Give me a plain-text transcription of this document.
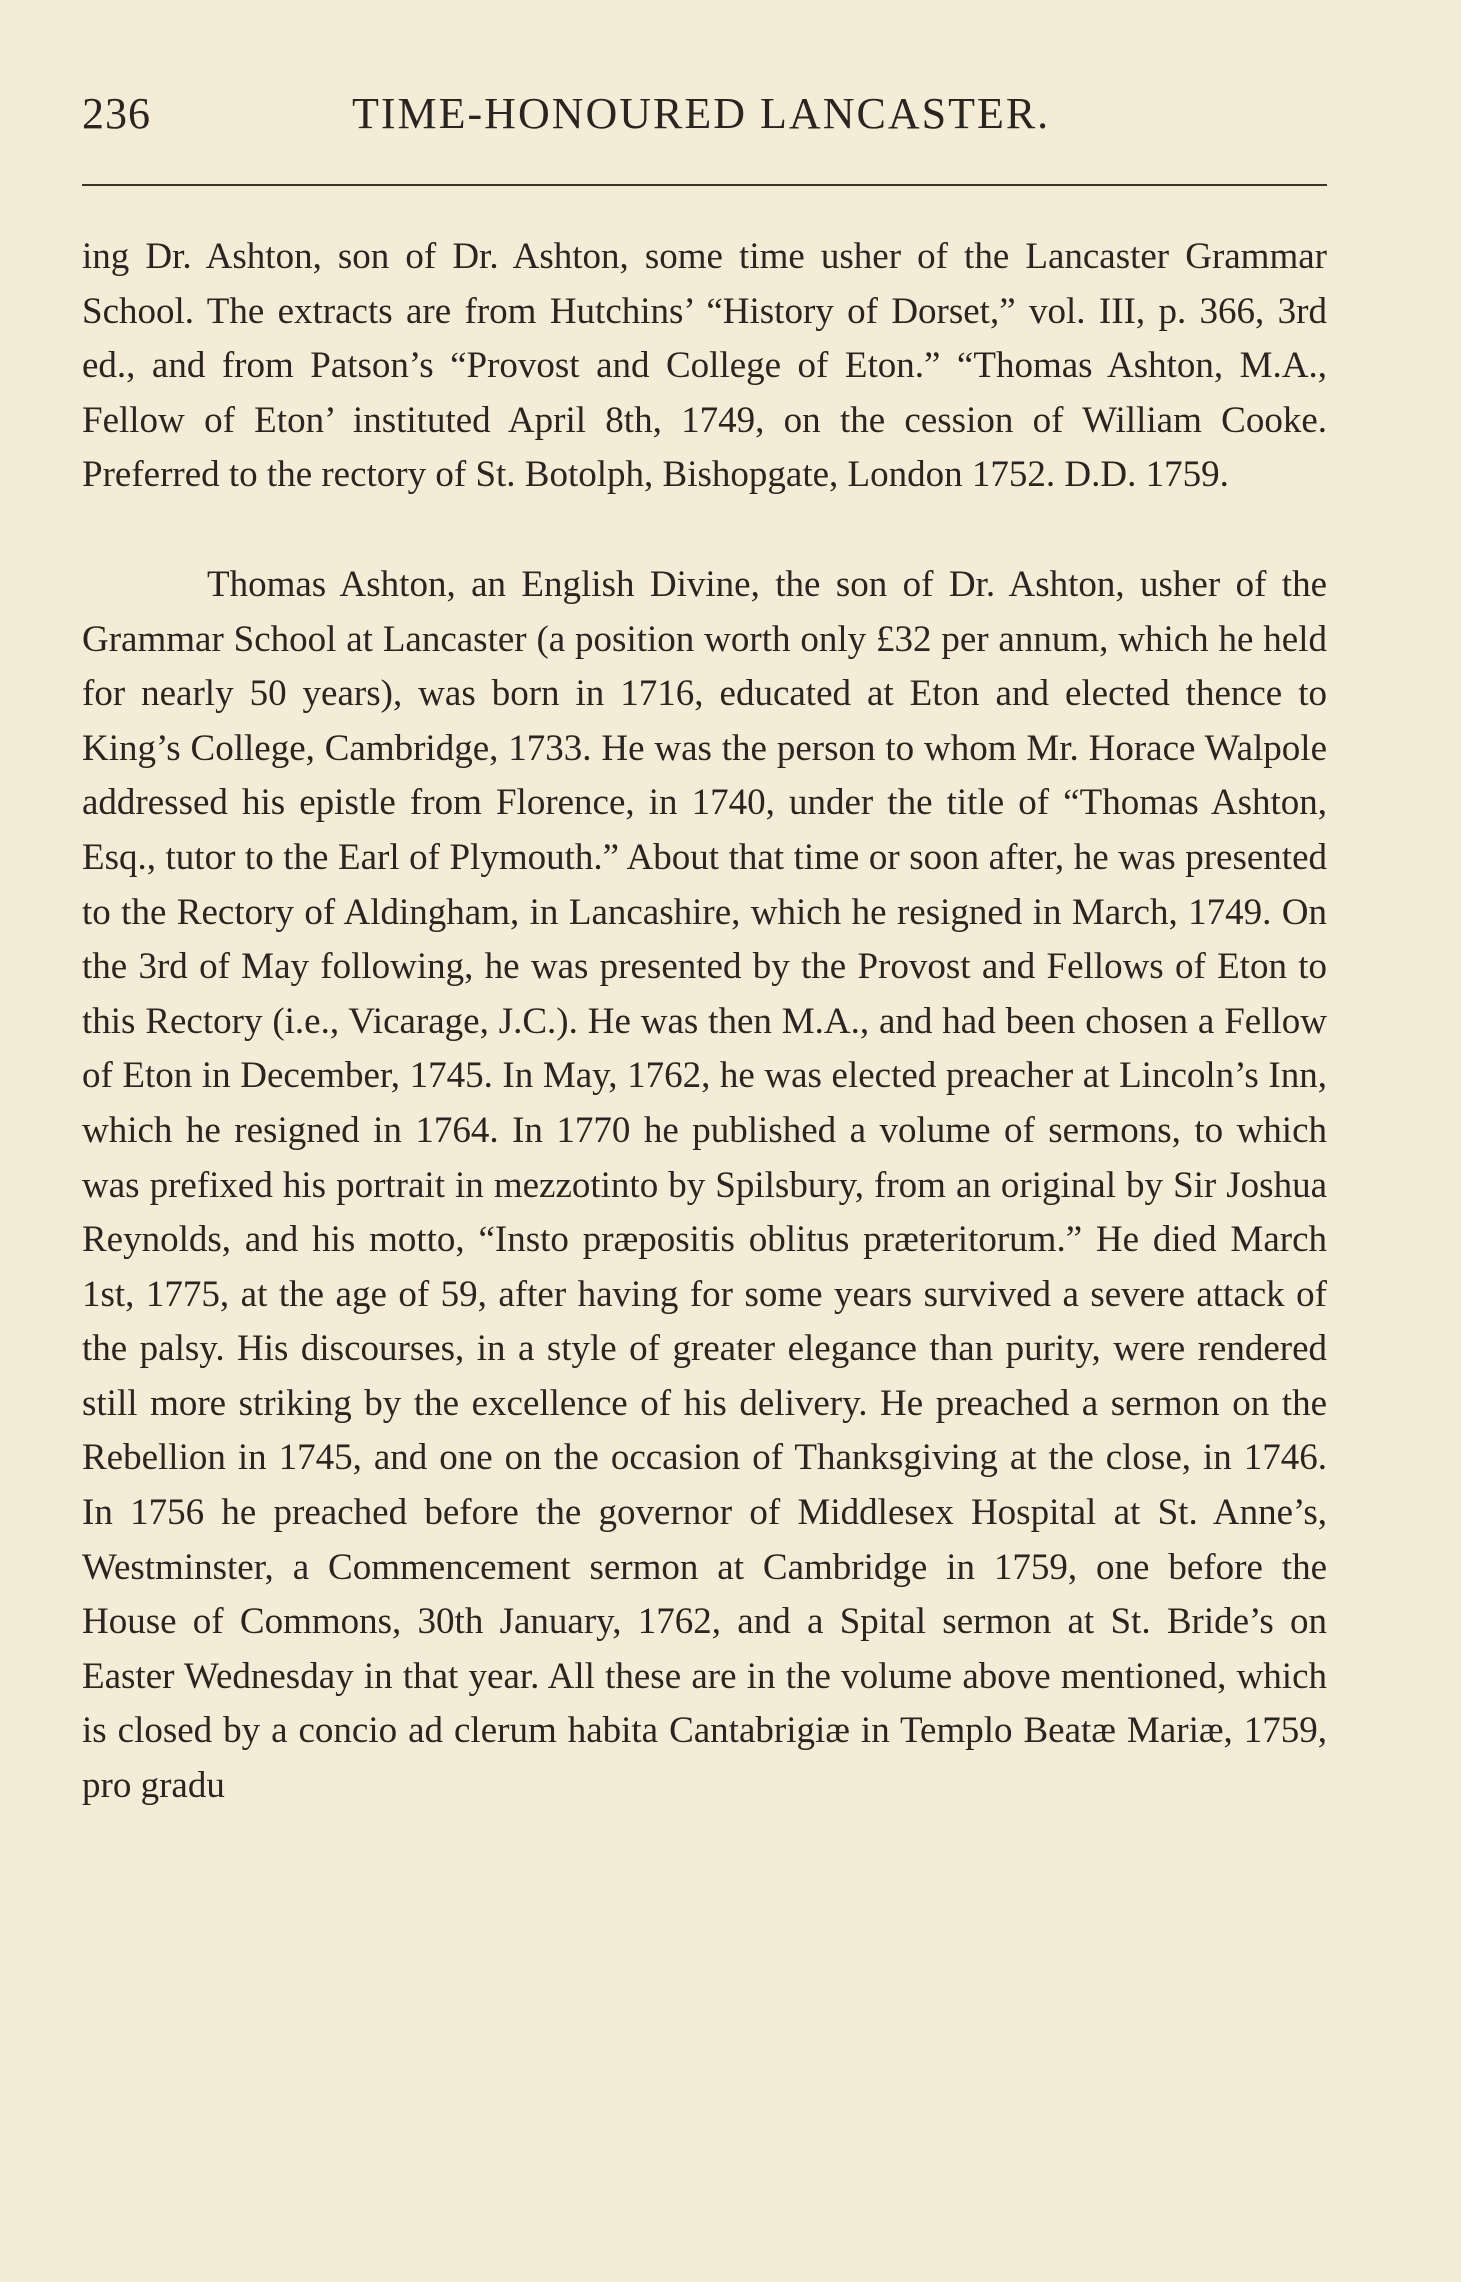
236	TIME-HONOURED LANCASTER.

ing Dr. Ashton, son of Dr. Ashton, some time usher of the Lancaster Grammar School. The extracts are from Hutchins’ “History of Dorset,” vol. III, p. 366, 3rd ed., and from Patson’s “Provost and College of Eton.” “Thomas Ashton, M.A., Fellow of Eton’ instituted April 8th, 1749, on the cession of William Cooke. Preferred to the rectory of St. Botolph, Bishopgate, London 1752. D.D. 1759.

Thomas Ashton, an English Divine, the son of Dr. Ashton, usher of the Grammar School at Lancaster (a position worth only £32 per annum, which he held for nearly 50 years), was born in 1716, educated at Eton and elected thence to King’s College, Cambridge, 1733. He was the person to whom Mr. Horace Walpole addressed his epistle from Florence, in 1740, under the title of “Thomas Ashton, Esq., tutor to the Earl of Plymouth.” About that time or soon after, he was presented to the Rectory of Aldingham, in Lancashire, which he resigned in March, 1749. On the 3rd of May following, he was presented by the Provost and Fellows of Eton to this Rectory (i.e., Vicarage, J.C.). He was then M.A., and had been chosen a Fellow of Eton in December, 1745. In May, 1762, he was elected preacher at Lincoln’s Inn, which he resigned in 1764. In 1770 he published a volume of sermons, to which was prefixed his portrait in mezzotinto by Spilsbury, from an original by Sir Joshua Reynolds, and his motto, “Insto præpositis oblitus præteritorum.” He died March 1st, 1775, at the age of 59, after having for some years survived a severe attack of the palsy. His discourses, in a style of greater elegance than purity, were rendered still more striking by the excellence of his delivery. He preached a sermon on the Rebellion in 1745, and one on the occasion of Thanksgiving at the close, in 1746. In 1756 he preached before the governor of Middlesex Hospital at St. Anne’s, Westminster, a Commencement sermon at Cambridge in 1759, one before the House of Commons, 30th January, 1762, and a Spital sermon at St. Bride’s on Easter Wednesday in that year. All these are in the volume above mentioned, which is closed by a concio ad clerum habita Cantabrigiæ in Templo Beatæ Mariæ, 1759, pro gradu
